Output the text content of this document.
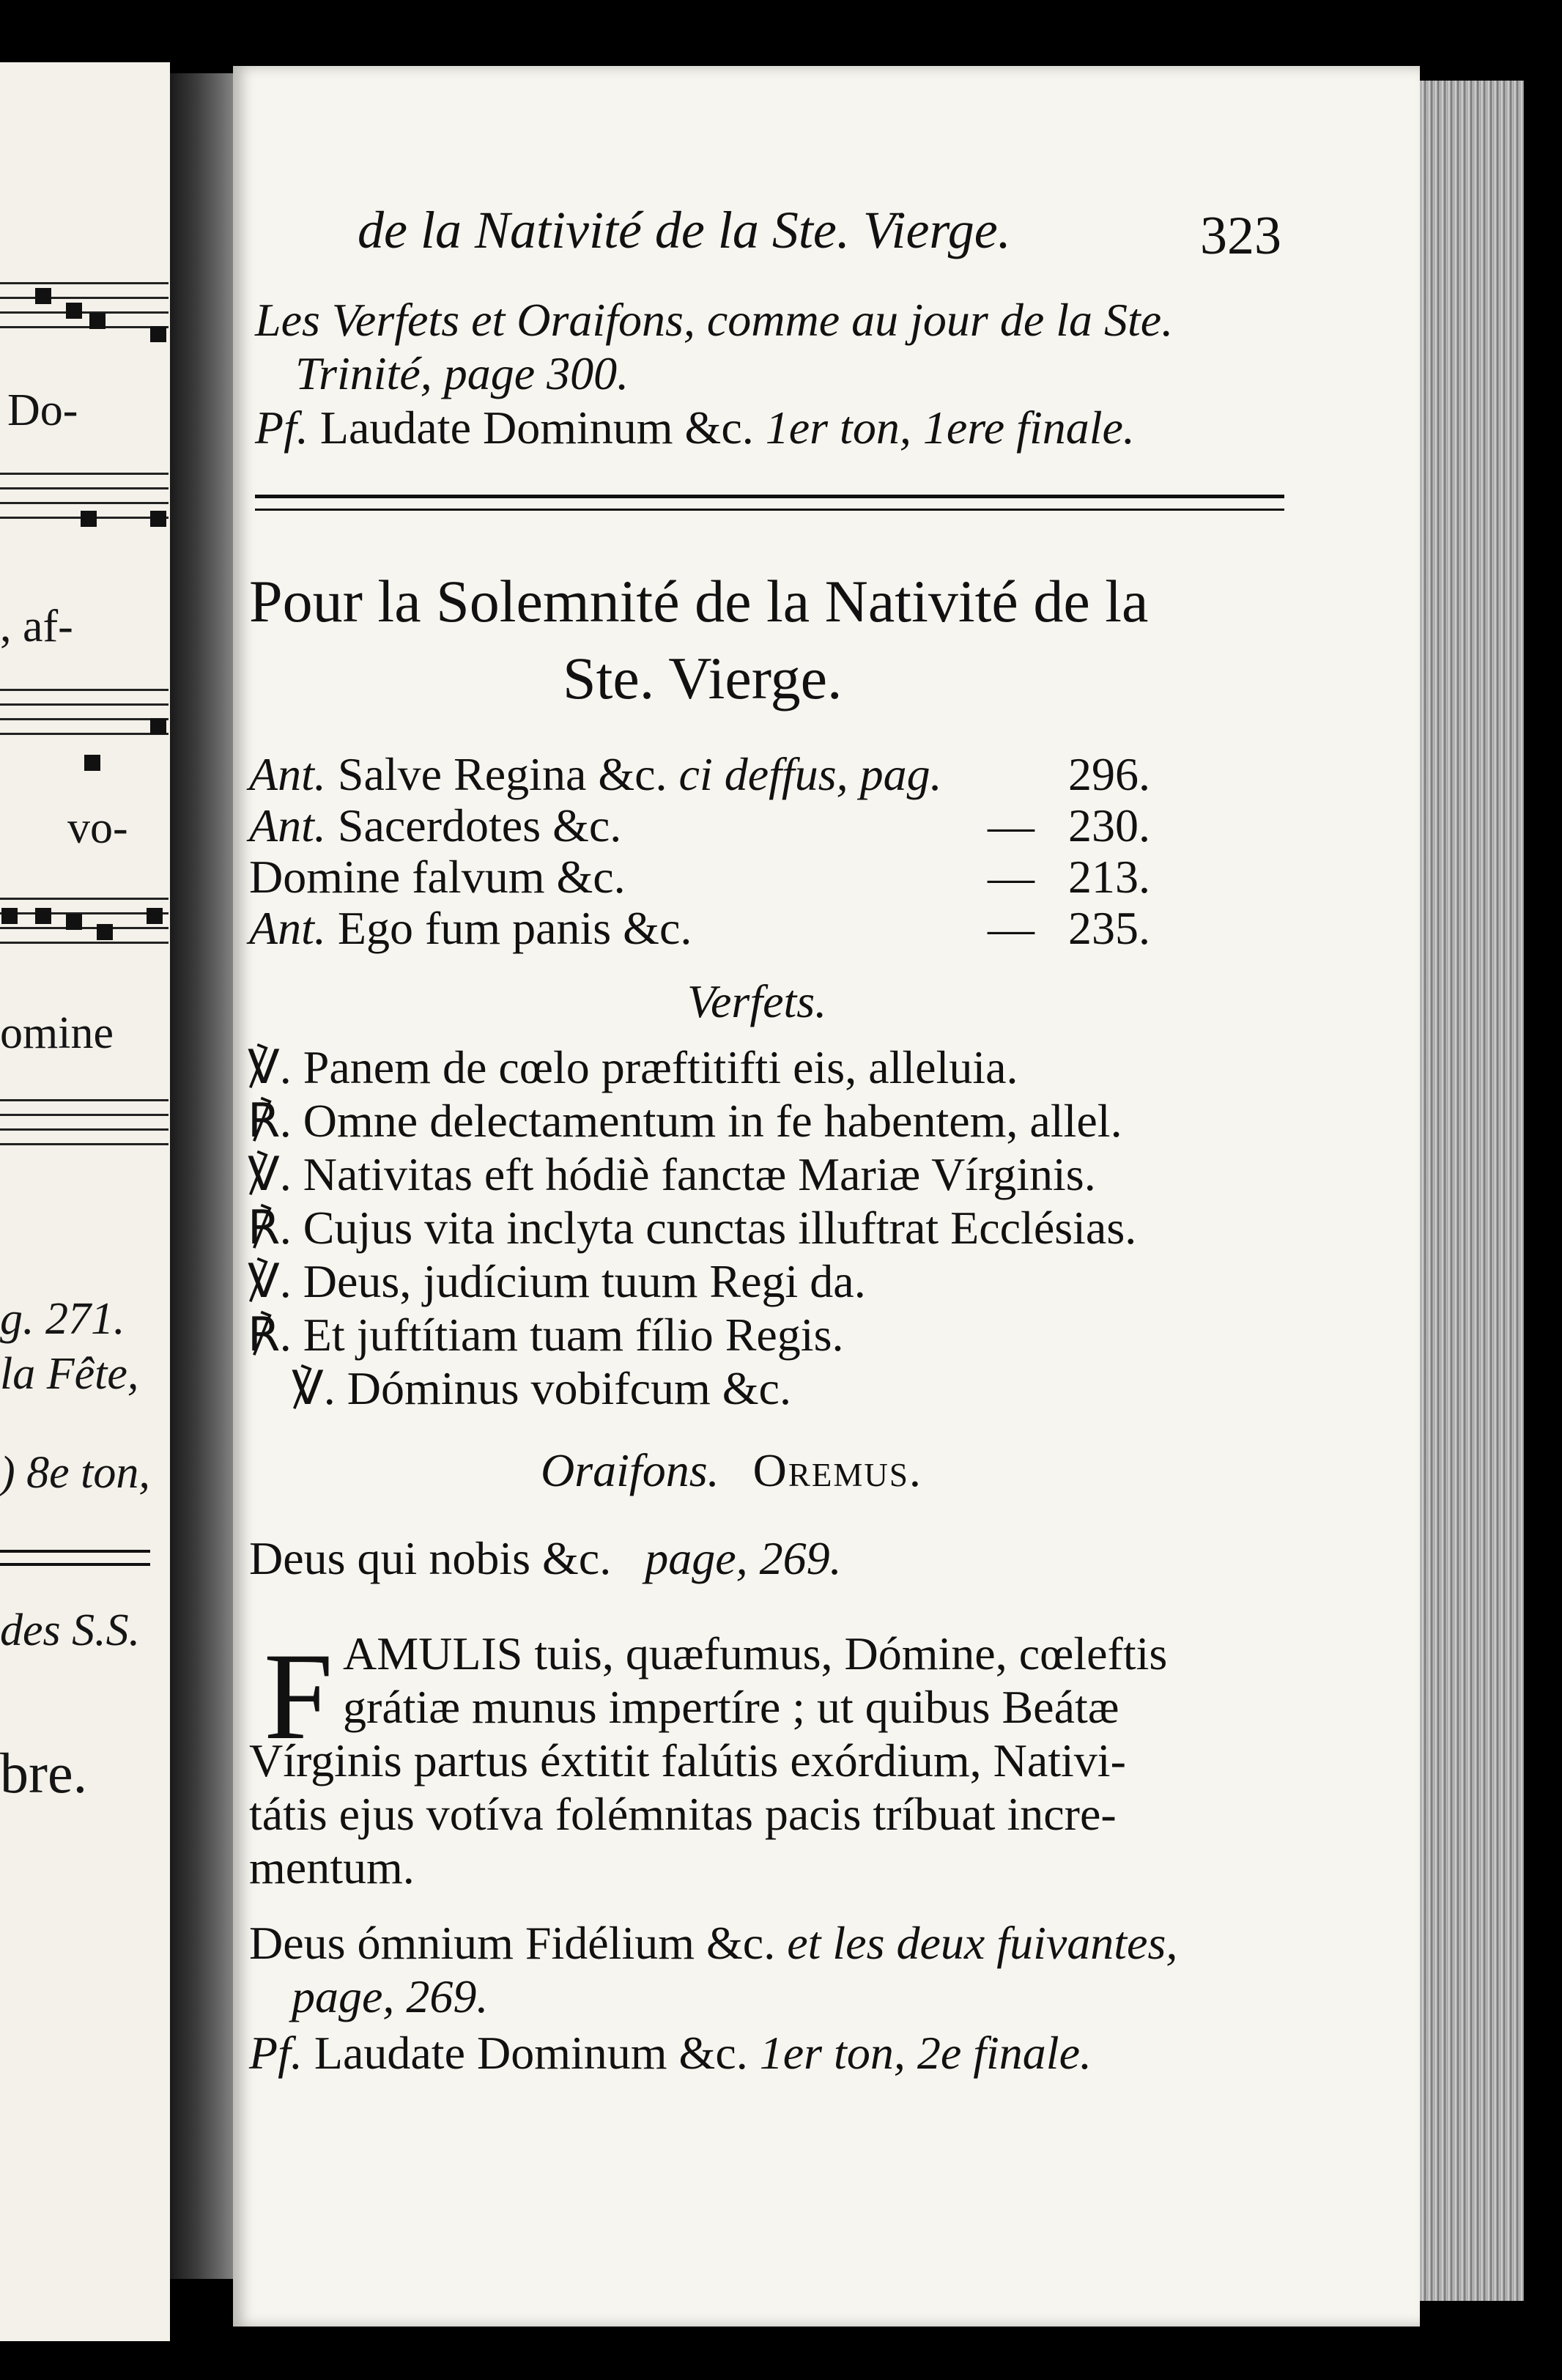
Do-
, af-
vo-
omine
g. 271.
la Fête,
) 8e ton,
des S.S.
bre.
de la Nativité de la Ste. Vierge.	323
Les Verfets et Oraifons, comme au jour de la Ste.
Trinité, page 300.
Pf. Laudate Dominum &c. 1er ton, 1ere finale.
Pour la Solemnité de la Nativité de la
Ste. Vierge.
Ant. Salve Regina &c. ci deffus, pag.	296.
Ant. Sacerdotes &c.	— 230.
Domine falvum &c.	— 213.
Ant. Ego fum panis &c.	— 235.
Verfets.
℣. Panem de cœlo præftitifti eis, alleluia.
℟. Omne delectamentum in fe habentem, allel.
℣. Nativitas eft hódiè fanctæ Mariæ Vírginis.
℟. Cujus vita inclyta cunctas illuftrat Ecclésias.
℣. Deus, judícium tuum Regi da.
℟. Et juftítiam tuam fílio Regis.
℣. Dóminus vobifcum &c.
Oraifons. Oremus.
Deus qui nobis &c. page, 269.
F AMULIS tuis, quæfumus, Dómine, cœleftis
grátiæ munus impertíre ; ut quibus Beátæ
Vírginis partus éxtitit falútis exórdium, Nativi-
tátis ejus votíva folémnitas pacis tríbuat incre-
mentum.
Deus ómnium Fidélium &c. et les deux fuivantes,
page, 269.
Pf. Laudate Dominum &c. 1er ton, 2e finale.
